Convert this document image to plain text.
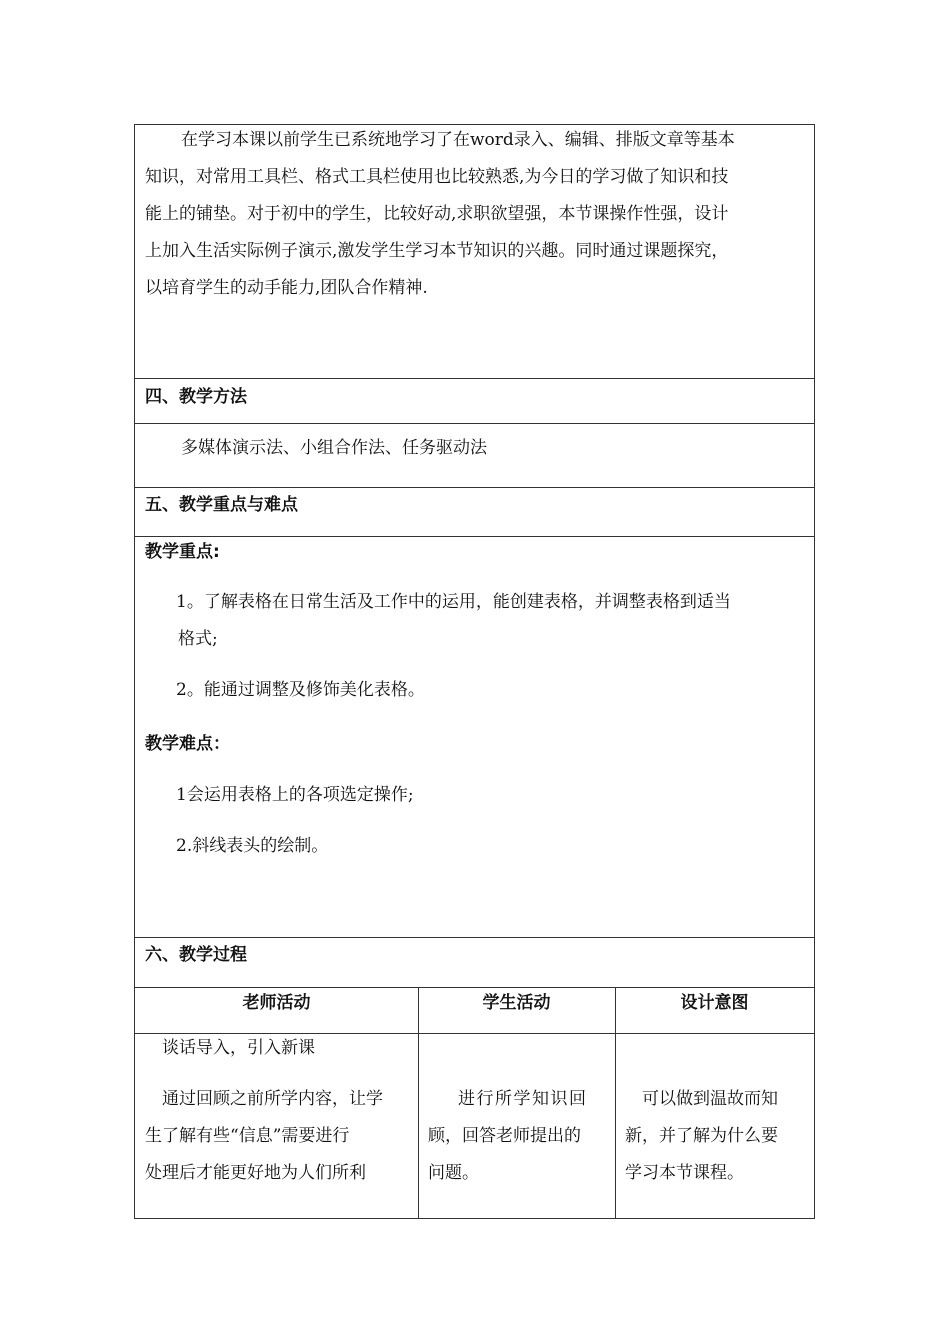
在学习本课以前学生已系统地学习了在word录入、编辑、排版文章等基本
知识，对常用工具栏、格式工具栏使用也比较熟悉,为今日的学习做了知识和技
能上的铺垫。对于初中的学生，比较好动,求职欲望强，本节课操作性强，设计
上加入生活实际例子演示,激发学生学习本节知识的兴趣。同时通过课题探究，
以培育学生的动手能力,团队合作精神.
四、教学方法
多媒体演示法、小组合作法、任务驱动法
五、教学重点与难点
教学重点:
1。了解表格在日常生活及工作中的运用，能创建表格，并调整表格到适当
格式;
2。能通过调整及修饰美化表格。
教学难点：
1会运用表格上的各项选定操作;
2.斜线表头的绘制。
六、教学过程
老师活动	学生活动	设计意图
谈话导入，引入新课
通过回顾之前所学内容，让学
生了解有些“信息”需要进行
处理后才能更好地为人们所利
进行所学知识回
顾，回答老师提出的
问题。
可以做到温故而知
新，并了解为什么要
学习本节课程。
